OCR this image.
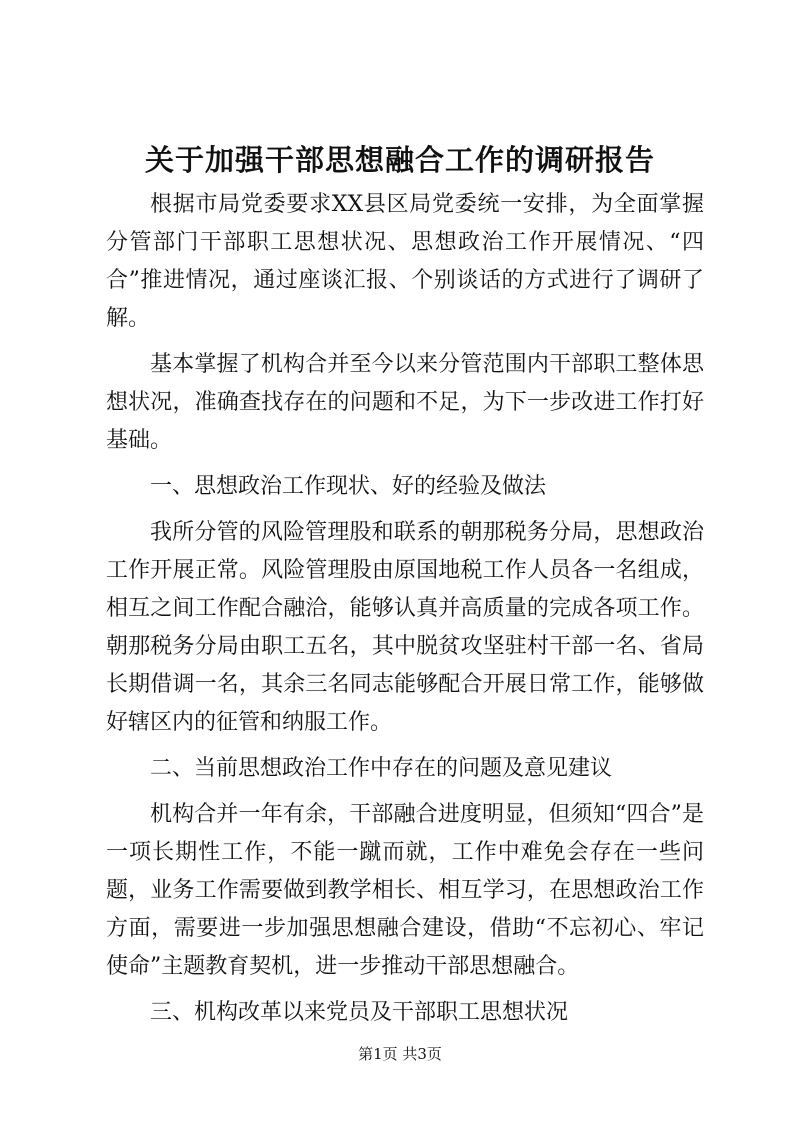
关于加强干部思想融合工作的调研报告

根据市局党委要求XX县区局党委统一安排，为全面掌握分管部门干部职工思想状况、思想政治工作开展情况、“四合”推进情况，通过座谈汇报、个别谈话的方式进行了调研了解。

基本掌握了机构合并至今以来分管范围内干部职工整体思想状况，准确查找存在的问题和不足，为下一步改进工作打好基础。

一、思想政治工作现状、好的经验及做法

我所分管的风险管理股和联系的朝那税务分局，思想政治工作开展正常。风险管理股由原国地税工作人员各一名组成，相互之间工作配合融洽，能够认真并高质量的完成各项工作。朝那税务分局由职工五名，其中脱贫攻坚驻村干部一名、省局长期借调一名，其余三名同志能够配合开展日常工作，能够做好辖区内的征管和纳服工作。

二、当前思想政治工作中存在的问题及意见建议

机构合并一年有余，干部融合进度明显，但须知“四合”是一项长期性工作，不能一蹴而就，工作中难免会存在一些问题，业务工作需要做到教学相长、相互学习，在思想政治工作方面，需要进一步加强思想融合建设，借助“不忘初心、牢记使命”主题教育契机，进一步推动干部思想融合。

三、机构改革以来党员及干部职工思想状况

第1页 共3页
